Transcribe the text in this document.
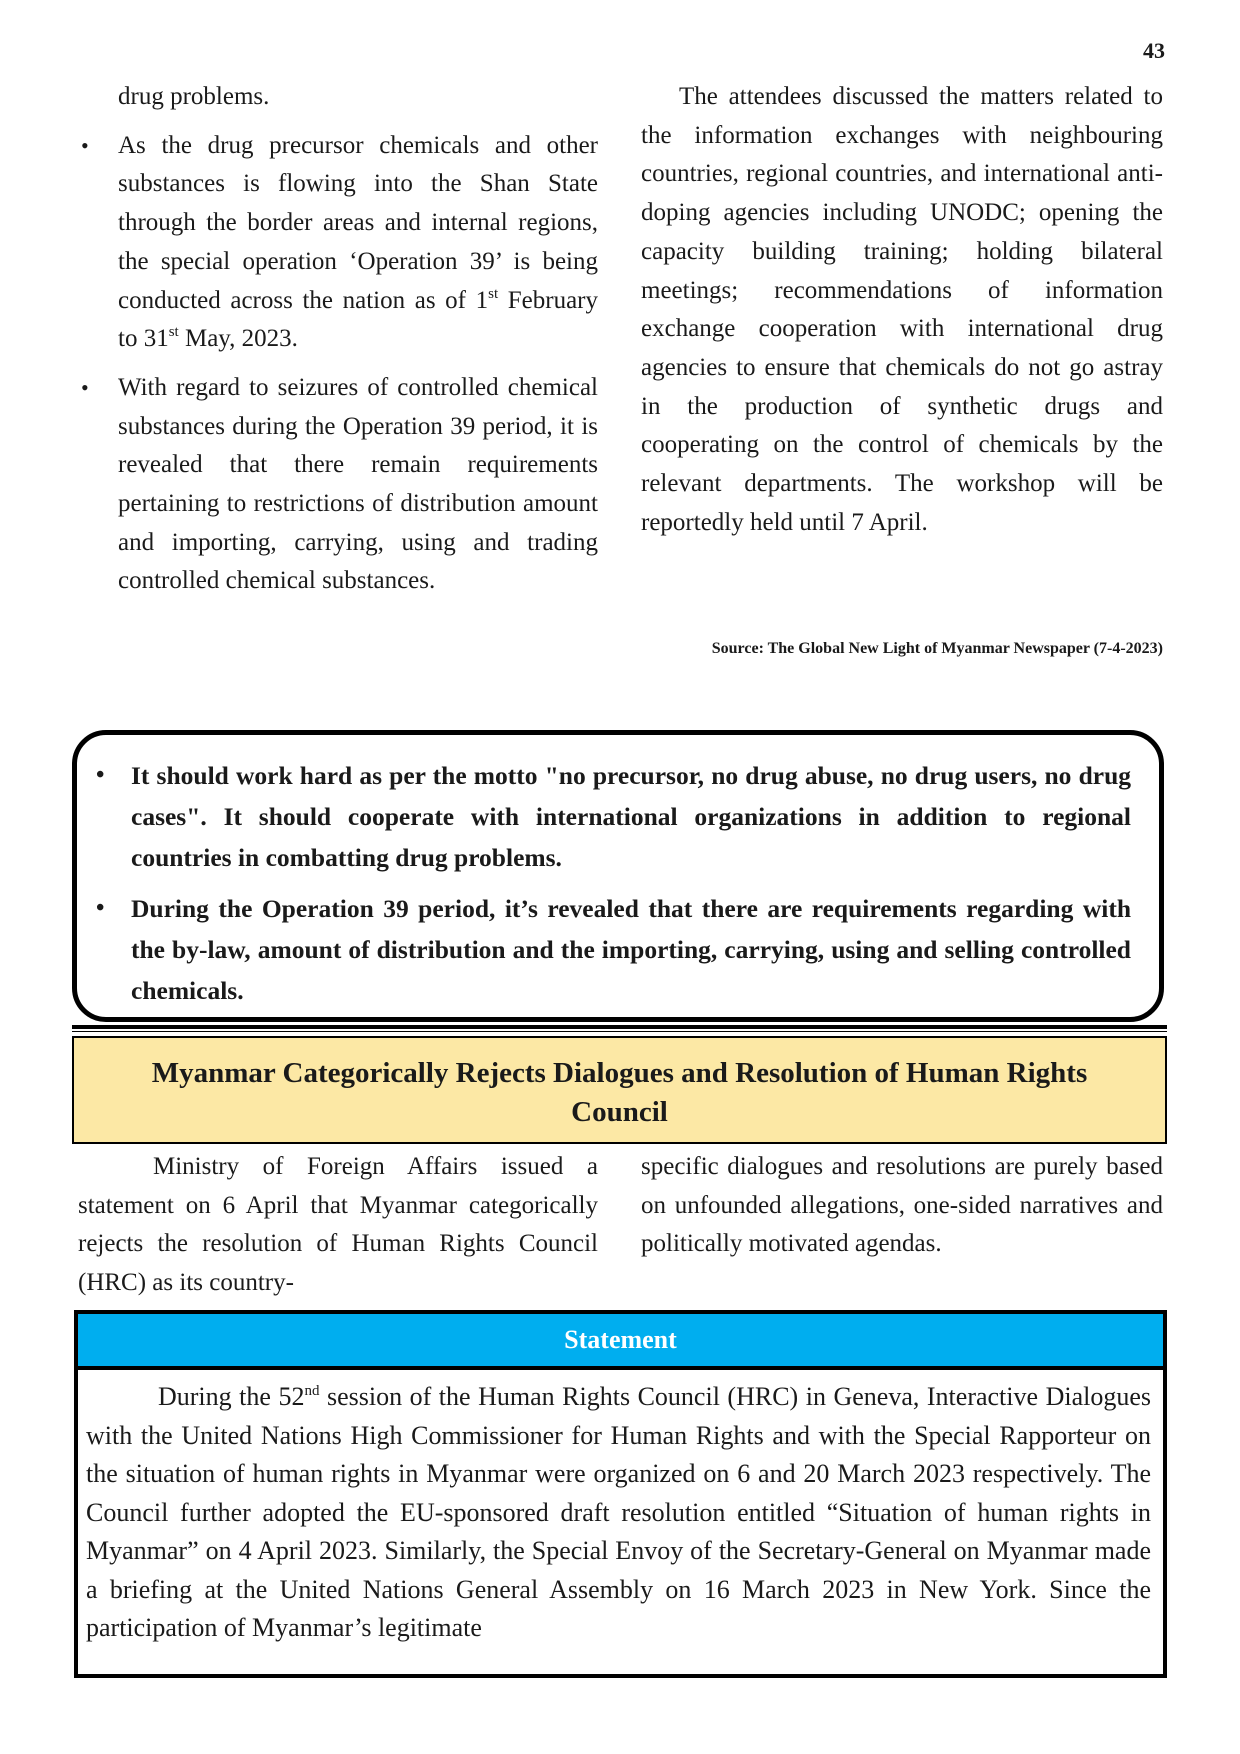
43

drug problems.

• As the drug precursor chemicals and other substances is flowing into the Shan State through the border areas and internal regions, the special operation ‘Operation 39’ is being conducted across the nation as of 1st February to 31st May, 2023.
• With regard to seizures of controlled chemical substances during the Operation 39 period, it is revealed that there remain requirements pertaining to restrictions of distribution amount and importing, carrying, using and trading controlled chemical substances.

The attendees discussed the matters related to the information exchanges with neighbouring countries, regional countries, and international anti-doping agencies including UNODC; opening the capacity building training; holding bilateral meetings; recommendations of information exchange cooperation with international drug agencies to ensure that chemicals do not go astray in the production of synthetic drugs and cooperating on the control of chemicals by the relevant departments. The workshop will be reportedly held until 7 April.

Source: The Global New Light of Myanmar Newspaper (7-4-2023)
• It should work hard as per the motto "no precursor, no drug abuse, no drug users, no drug cases". It should cooperate with international organizations in addition to regional countries in combatting drug problems.
• During the Operation 39 period, it’s revealed that there are requirements regarding with the by-law, amount of distribution and the importing, carrying, using and selling controlled chemicals.
Myanmar Categorically Rejects Dialogues and Resolution of Human Rights Council

Ministry of Foreign Affairs issued a statement on 6 April that Myanmar categorically rejects the resolution of Human Rights Council (HRC) as its country-

specific dialogues and resolutions are purely based on unfounded allegations, one-sided narratives and politically motivated agendas.

Statement

During the 52nd session of the Human Rights Council (HRC) in Geneva, Interactive Dialogues with the United Nations High Commissioner for Human Rights and with the Special Rapporteur on the situation of human rights in Myanmar were organized on 6 and 20 March 2023 respectively. The Council further adopted the EU-sponsored draft resolution entitled “Situation of human rights in Myanmar” on 4 April 2023. Similarly, the Special Envoy of the Secretary-General on Myanmar made a briefing at the United Nations General Assembly on 16 March 2023 in New York. Since the participation of Myanmar’s legitimate
